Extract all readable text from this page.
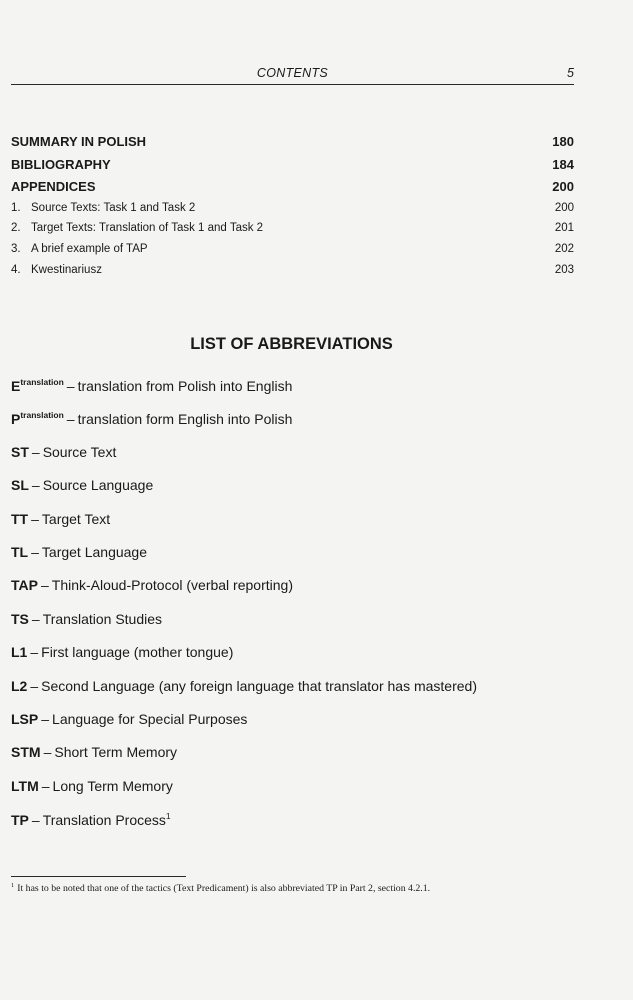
CONTENTS	5
SUMMARY IN POLISH	180
BIBLIOGRAPHY	184
APPENDICES	200
1. Source Texts: Task 1 and Task 2	200
2. Target Texts: Translation of Task 1 and Task 2	201
3. A brief example of TAP	202
4. Kwestinariusz	203
LIST OF ABBREVIATIONS
$E^{translation}$ – translation from Polish into English
$P^{translation}$ – translation form English into Polish
ST – Source Text
SL – Source Language
TT – Target Text
TL – Target Language
TAP – Think-Aloud-Protocol (verbal reporting)
TS – Translation Studies
L1 – First language (mother tongue)
L2 – Second Language (any foreign language that translator has mastered)
LSP – Language for Special Purposes
STM – Short Term Memory
LTM – Long Term Memory
TP – Translation Process$^1$
$^1$ It has to be noted that one of the tactics (Text Predicament) is also abbreviated TP in Part 2, section 4.2.1.
